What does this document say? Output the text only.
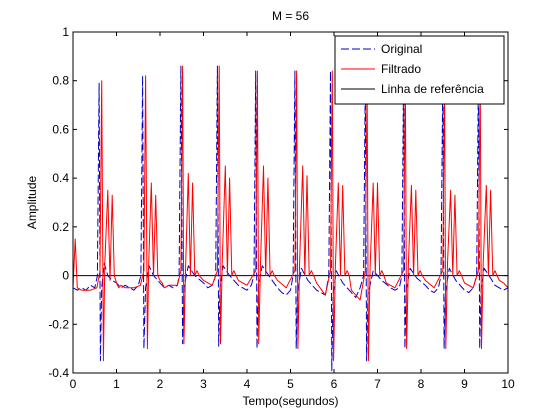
0	1	2	3	4	5	6	7	8	9	10
-0.4
-0.2
0
0.2
0.4
0.6
0.8
1
M = 56
Tempo(segundos)
Amplitude
Original
Filtrado
Linha de referência
